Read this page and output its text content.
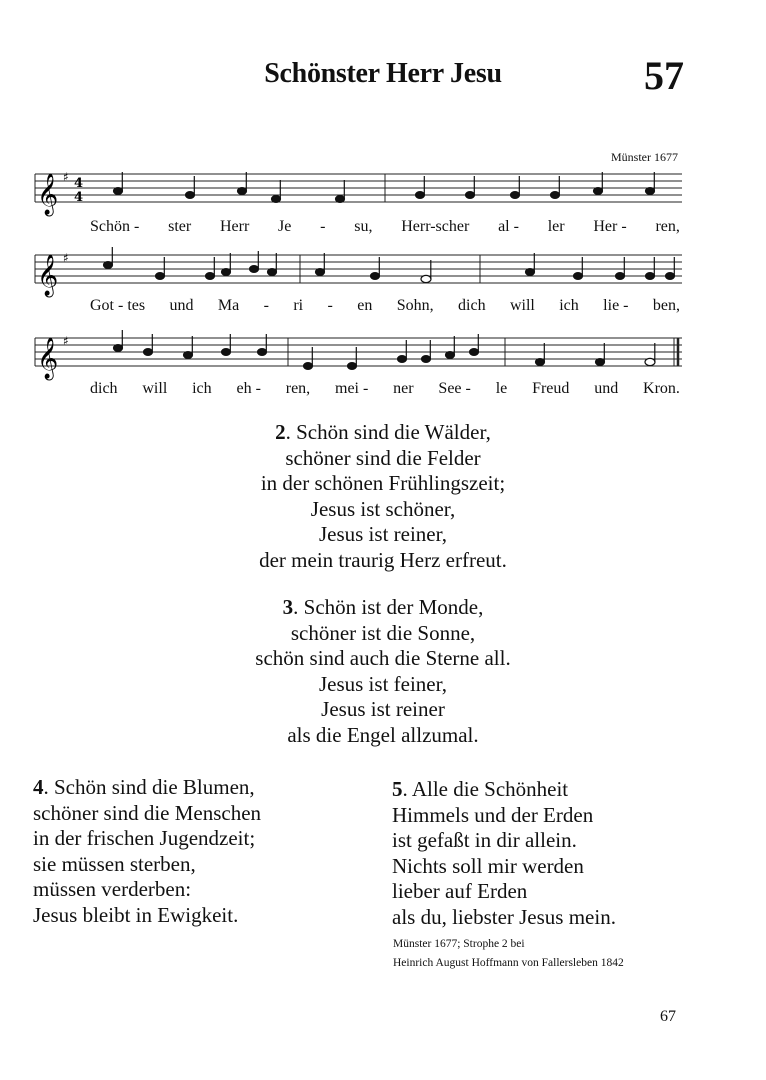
Schönster Herr Jesu	57
Münster 1677
𝄞 ♯ 4
4
Schön - ster Herr Je - su, Herr-scher al - ler Her - ren,
𝄞 ♯
Got - tes und Ma - ri - en Sohn, dich will ich lie - ben,
𝄞 ♯
dich will ich eh - ren, mei - ner See - le Freud und Kron.
2. Schön sind die Wälder,
schöner sind die Felder
in der schönen Frühlingszeit;
Jesus ist schöner,
Jesus ist reiner,
der mein traurig Herz erfreut.
3. Schön ist der Monde,
schöner ist die Sonne,
schön sind auch die Sterne all.
Jesus ist feiner,
Jesus ist reiner
als die Engel allzumal.
4. Schön sind die Blumen,
schöner sind die Menschen
in der frischen Jugendzeit;
sie müssen sterben,
müssen verderben:
Jesus bleibt in Ewigkeit.
5. Alle die Schönheit
Himmels und der Erden
ist gefaßt in dir allein.
Nichts soll mir werden
lieber auf Erden
als du, liebster Jesus mein.
Münster 1677; Strophe 2 bei
Heinrich August Hoffmann von Fallersleben 1842
67
